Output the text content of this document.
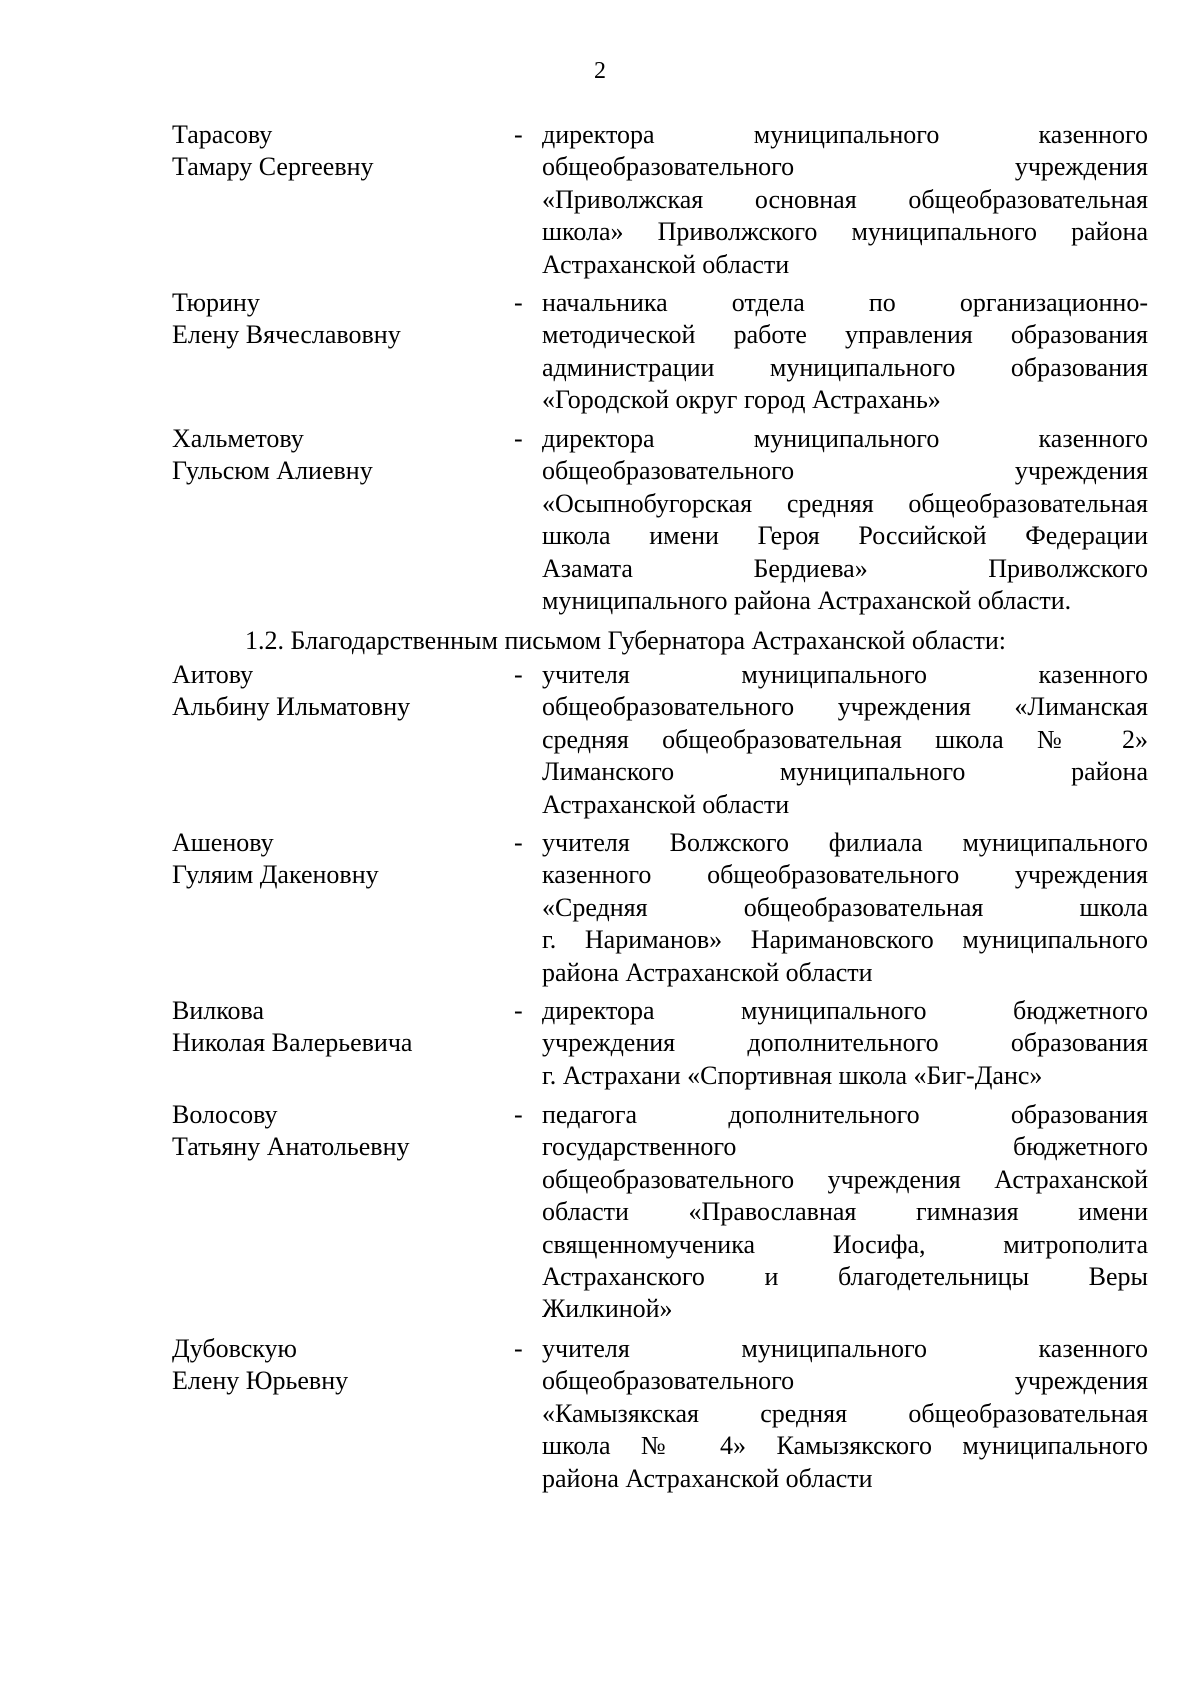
2
Тарасову
Тамару Сергеевну
- директора муниципального казенного
общеобразовательного учреждения
«Приволжская основная общеобразовательная
школа» Приволжского муниципального района
Астраханской области
Тюрину
Елену Вячеславовну
- начальника отдела по организационно-
методической работе управления образования
администрации муниципального образования
«Городской округ город Астрахань»
Хальметову
Гульсюм Алиевну
- директора муниципального казенного
общеобразовательного учреждения
«Осыпнобугорская средняя общеобразовательная
школа имени Героя Российской Федерации
Азамата Бердиева» Приволжского
муниципального района Астраханской области.
1.2. Благодарственным письмом Губернатора Астраханской области:
Аитову
Альбину Ильматовну
- учителя муниципального казенного
общеобразовательного учреждения «Лиманская
средняя общеобразовательная школа № 2»
Лиманского муниципального района
Астраханской области
Ашенову
Гуляим Дакеновну
- учителя Волжского филиала муниципального
казенного общеобразовательного учреждения
«Средняя общеобразовательная школа
г. Нариманов» Наримановского муниципального
района Астраханской области
Вилкова
Николая Валерьевича
- директора муниципального бюджетного
учреждения дополнительного образования
г. Астрахани «Спортивная школа «Биг-Данс»
Волосову
Татьяну Анатольевну
- педагога дополнительного образования
государственного бюджетного
общеобразовательного учреждения Астраханской
области «Православная гимназия имени
священномученика Иосифа, митрополита
Астраханского и благодетельницы Веры
Жилкиной»
Дубовскую
Елену Юрьевну
- учителя муниципального казенного
общеобразовательного учреждения
«Камызякская средняя общеобразовательная
школа № 4» Камызякского муниципального
района Астраханской области
